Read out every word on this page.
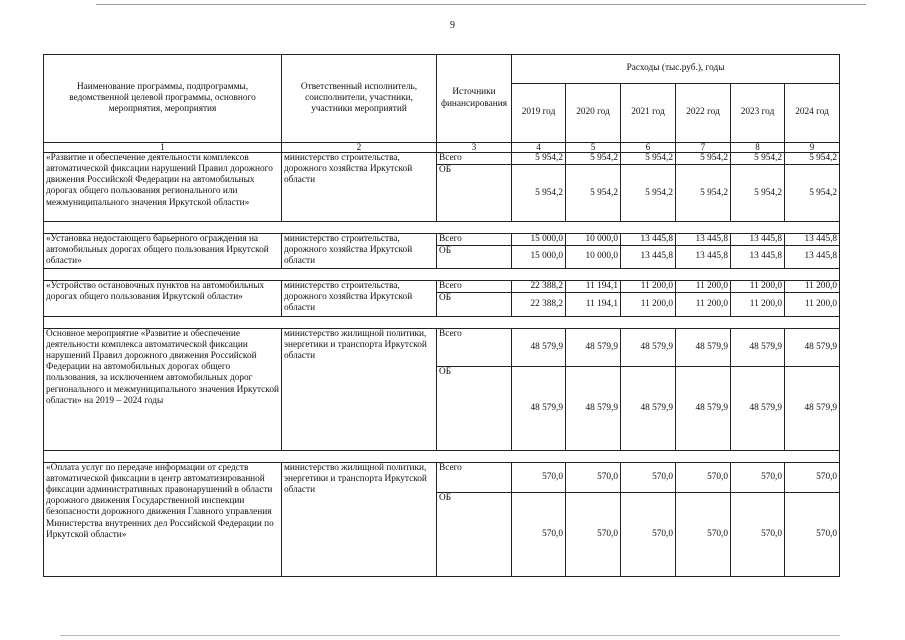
9
Наименование программы, подпрограммы, ведомственной целевой программы, основного мероприятия, мероприятия	Ответственный исполнитель, соисполнители, участники, участники мероприятий	Источники финансирования	Расходы (тыс.руб.), годы					
			2019 год	2020 год	2021 год	2022 год	2023 год	2024 год
1	2	3	4	5	6	7	8	9
«Развитие и обеспечение деятельности комплексов автоматической фиксации нарушений Правил дорожного движения Российской Федерации на автомобильных дорогах общего пользования регионального или межмуниципального значения Иркутской области»	министерство строительства, дорожного хозяйства Иркутской области	Всего	5 954,2	5 954,2	5 954,2	5 954,2	5 954,2	5 954,2
		ОБ	5 954,2	5 954,2	5 954,2	5 954,2	5 954,2	5 954,2

«Установка недостающего барьерного ограждения на автомобильных дорогах общего пользования Иркутской области»	министерство строительства, дорожного хозяйства Иркутской области	Всего	15 000,0	10 000,0	13 445,8	13 445,8	13 445,8	13 445,8
		ОБ	15 000,0	10 000,0	13 445,8	13 445,8	13 445,8	13 445,8

«Устройство остановочных пунктов на автомобильных дорогах общего пользования Иркутской области»	министерство строительства, дорожного хозяйства Иркутской области	Всего	22 388,2	11 194,1	11 200,0	11 200,0	11 200,0	11 200,0
		ОБ	22 388,2	11 194,1	11 200,0	11 200,0	11 200,0	11 200,0

Основное мероприятие «Развитие и обеспечение деятельности комплекса автоматической фиксации нарушений Правил дорожного движения Российской Федерации на автомобильных дорогах общего пользования, за исключением автомобильных дорог регионального и межмуниципального значения Иркутской области» на 2019 – 2024 годы	министерство жилищной политики, энергетики и транспорта Иркутской области	Всего	48 579,9	48 579,9	48 579,9	48 579,9	48 579,9	48 579,9
		ОБ	48 579,9	48 579,9	48 579,9	48 579,9	48 579,9	48 579,9

«Оплата услуг по передаче информации от средств автоматической фиксации в центр автоматизированной фиксации административных правонарушений в области дорожного движения Государственной инспекции безопасности дорожного движения Главного управления Министерства внутренних дел Российской Федерации по Иркутской области»	министерство жилищной политики, энергетики и транспорта Иркутской области	Всего	570,0	570,0	570,0	570,0	570,0	570,0
		ОБ	570,0	570,0	570,0	570,0	570,0	570,0
